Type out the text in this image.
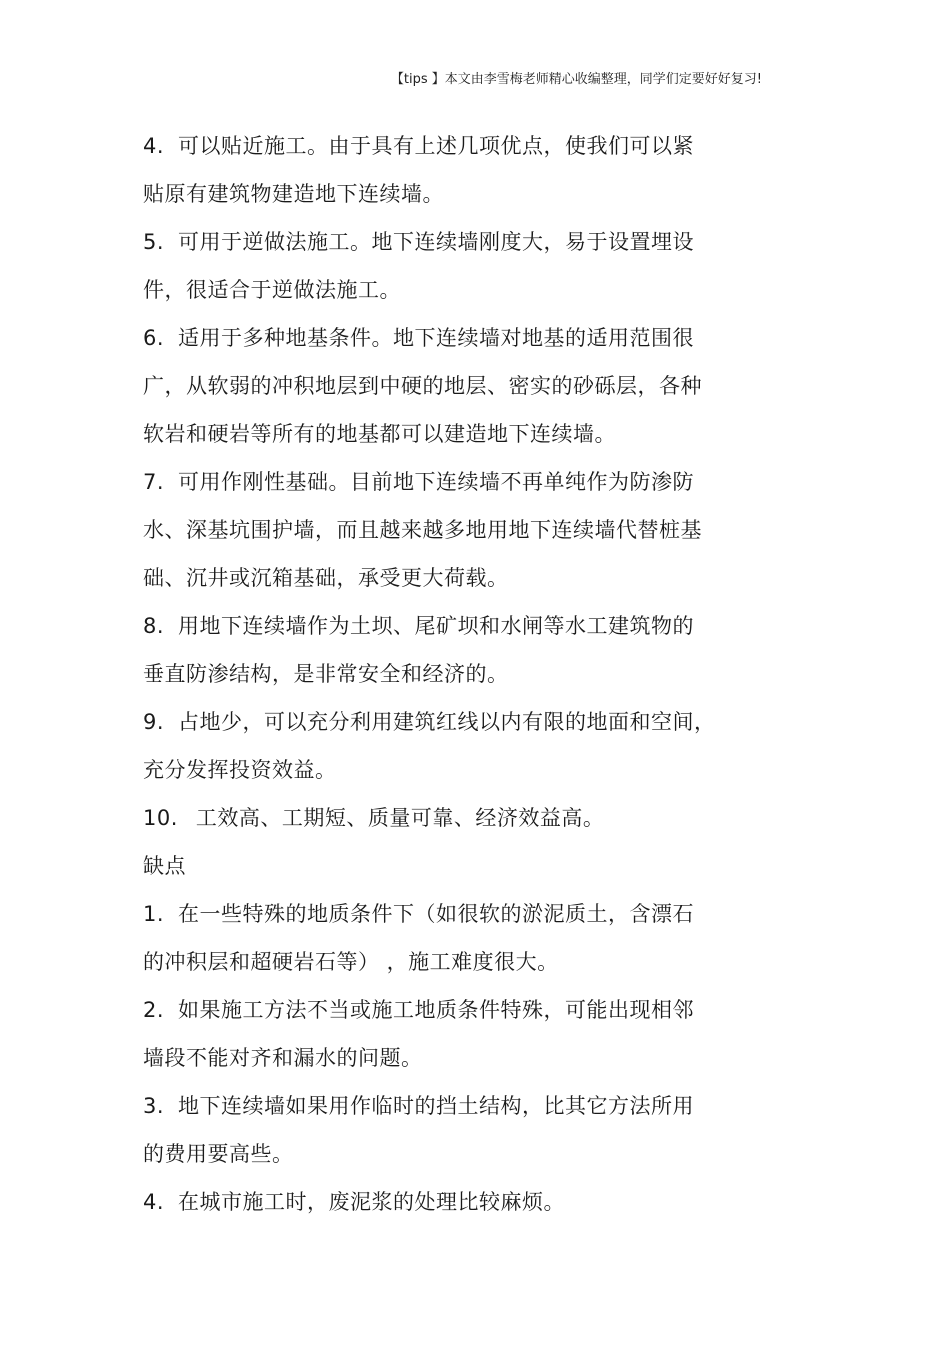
【tips 】本文由李雪梅老师精心收编整理，同学们定要好好复习!
4. 可以贴近施工。由于具有上述几项优点，使我们可以紧
贴原有建筑物建造地下连续墙。
5. 可用于逆做法施工。地下连续墙刚度大，易于设置埋设
件，很适合于逆做法施工。
6. 适用于多种地基条件。地下连续墙对地基的适用范围很
广，从软弱的冲积地层到中硬的地层、密实的砂砾层，各种
软岩和硬岩等所有的地基都可以建造地下连续墙。
7. 可用作刚性基础。目前地下连续墙不再单纯作为防渗防
水、深基坑围护墙，而且越来越多地用地下连续墙代替桩基
础、沉井或沉箱基础，承受更大荷载。
8. 用地下连续墙作为土坝、尾矿坝和水闸等水工建筑物的
垂直防渗结构，是非常安全和经济的。
9. 占地少，可以充分利用建筑红线以内有限的地面和空间，
充分发挥投资效益。
10. 工效高、工期短、质量可靠、经济效益高。
缺点
1. 在一些特殊的地质条件下（如很软的淤泥质土，含漂石
的冲积层和超硬岩石等） ，施工难度很大。
2. 如果施工方法不当或施工地质条件特殊，可能出现相邻
墙段不能对齐和漏水的问题。
3. 地下连续墙如果用作临时的挡土结构，比其它方法所用
的费用要高些。
4. 在城市施工时，废泥浆的处理比较麻烦。
